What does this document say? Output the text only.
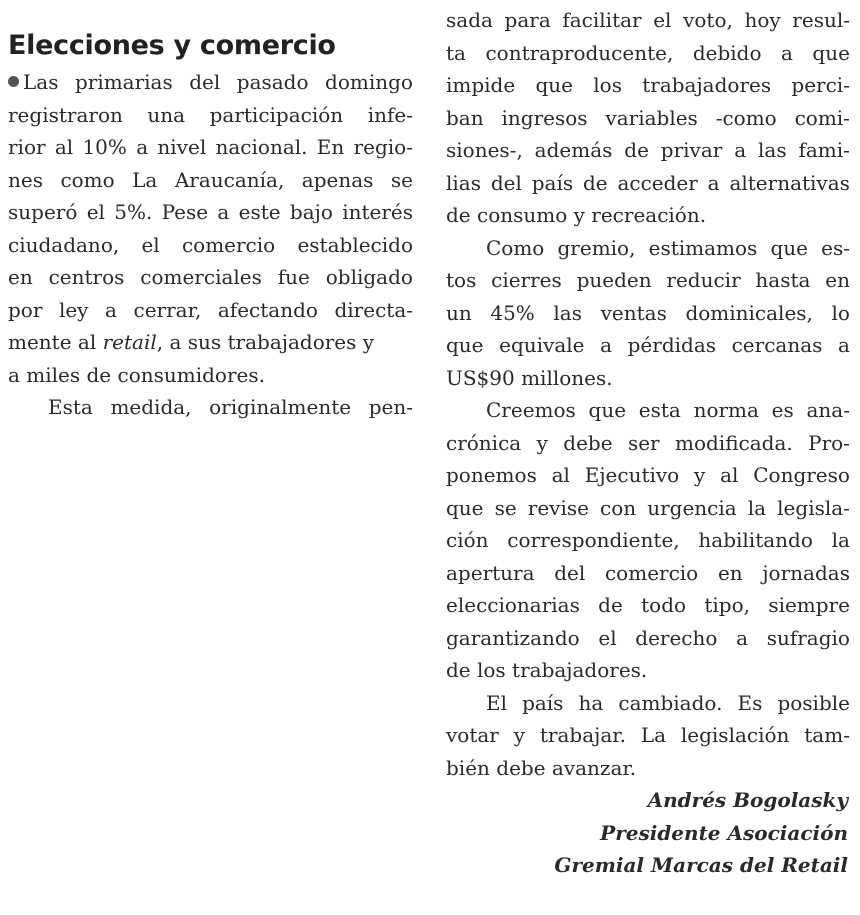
Elecciones y comercio
Las primarias del pasado domingo
registraron una participación infe-
rior al 10% a nivel nacional. En regio-
nes como La Araucanía, apenas se
superó el 5%. Pese a este bajo interés
ciudadano, el comercio establecido
en centros comerciales fue obligado
por ley a cerrar, afectando directa-
mente al
retail , a sus trabajadores y
a miles de consumidores.
Esta medida, originalmente pen-
sada para facilitar el voto, hoy resul-
ta contraproducente, debido a que
impide que los trabajadores perci-
ban ingresos variables -como comi-
siones-, además de privar a las fami-
lias del país de acceder a alternativas
de consumo y recreación.
Como gremio, estimamos que es-
tos cierres pueden reducir hasta en
un 45% las ventas dominicales, lo
que equivale a pérdidas cercanas a
US$90 millones.
Creemos que esta norma es ana-
crónica y debe ser modificada. Pro-
ponemos al Ejecutivo y al Congreso
que se revise con urgencia la legisla-
ción correspondiente, habilitando la
apertura del comercio en jornadas
eleccionarias de todo tipo, siempre
garantizando el derecho a sufragio
de los trabajadores.
El país ha cambiado. Es posible
votar y trabajar. La legislación tam-
bién debe avanzar.
Andrés Bogolasky
Presidente Asociación
Gremial Marcas del Retail
